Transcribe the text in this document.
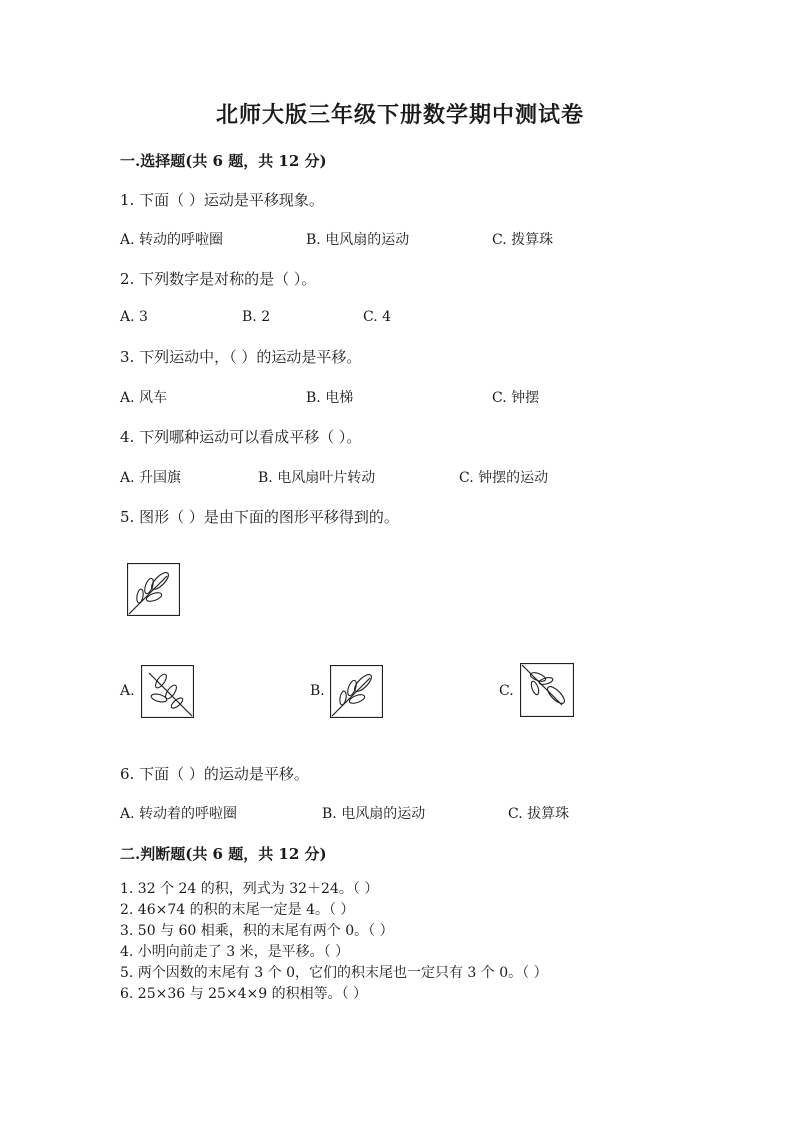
北师大版三年级下册数学期中测试卷
一.选择题(共 6 题，共 12 分)
1. 下面（ ）运动是平移现象。
A. 转动的呼啦圈	B. 电风扇的运动	C. 拨算珠
2. 下列数字是对称的是（ ）。
A. 3	B. 2	C. 4
3. 下列运动中，（ ）的运动是平移。
A. 风车	B. 电梯	C. 钟摆
4. 下列哪种运动可以看成平移（ ）。
A. 升国旗	B. 电风扇叶片转动	C. 钟摆的运动
5. 图形（ ）是由下面的图形平移得到的。
A.	B.	C.
6. 下面（ ）的运动是平移。
A. 转动着的呼啦圈	B. 电风扇的运动	C. 拔算珠
二.判断题(共 6 题，共 12 分)
1. 32 个 24 的积，列式为 32＋24。（ ）
2. 46×74 的积的末尾一定是 4。（ ）
3. 50 与 60 相乘，积的末尾有两个 0。（ ）
4. 小明向前走了 3 米，是平移。（ ）
5. 两个因数的末尾有 3 个 0，它们的积末尾也一定只有 3 个 0。（ ）
6. 25×36 与 25×4×9 的积相等。（ ）
